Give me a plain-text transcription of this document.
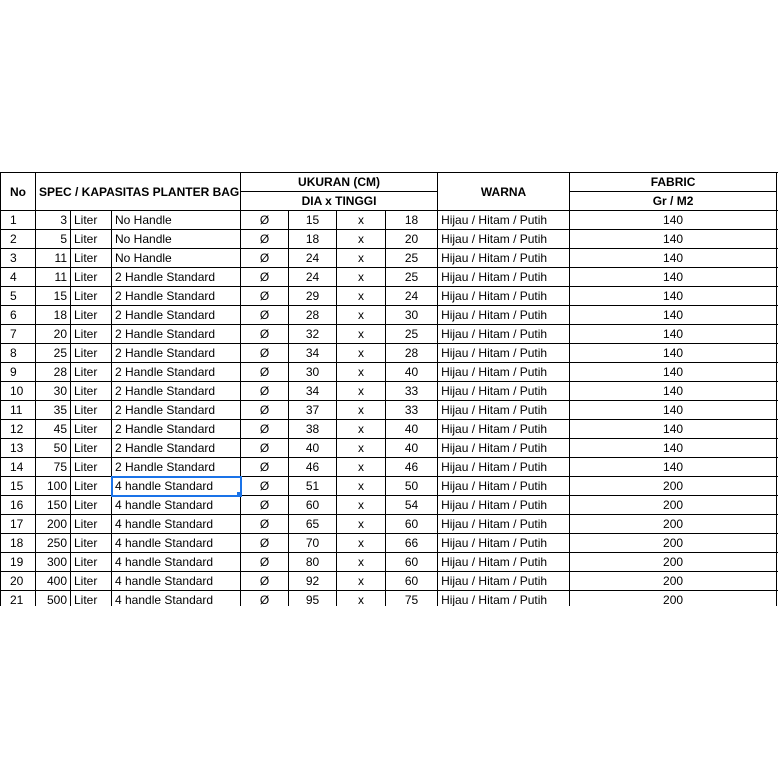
No	SPEC / KAPASITAS PLANTER BAG			UKURAN (CM)				WARNA	FABRIC	
				DIA x TINGGI					Gr / M2	
1	3	Liter	No Handle	Ø	15	x	18	Hijau / Hitam / Putih	140	
2	5	Liter	No Handle	Ø	18	x	20	Hijau / Hitam / Putih	140	
3	11	Liter	No Handle	Ø	24	x	25	Hijau / Hitam / Putih	140	
4	11	Liter	2 Handle Standard	Ø	24	x	25	Hijau / Hitam / Putih	140	
5	15	Liter	2 Handle Standard	Ø	29	x	24	Hijau / Hitam / Putih	140	
6	18	Liter	2 Handle Standard	Ø	28	x	30	Hijau / Hitam / Putih	140	
7	20	Liter	2 Handle Standard	Ø	32	x	25	Hijau / Hitam / Putih	140	
8	25	Liter	2 Handle Standard	Ø	34	x	28	Hijau / Hitam / Putih	140	
9	28	Liter	2 Handle Standard	Ø	30	x	40	Hijau / Hitam / Putih	140	
10	30	Liter	2 Handle Standard	Ø	34	x	33	Hijau / Hitam / Putih	140	
11	35	Liter	2 Handle Standard	Ø	37	x	33	Hijau / Hitam / Putih	140	
12	45	Liter	2 Handle Standard	Ø	38	x	40	Hijau / Hitam / Putih	140	
13	50	Liter	2 Handle Standard	Ø	40	x	40	Hijau / Hitam / Putih	140	
14	75	Liter	2 Handle Standard	Ø	46	x	46	Hijau / Hitam / Putih	140	
15	100	Liter	4 handle Standard	Ø	51	x	50	Hijau / Hitam / Putih	200	
16	150	Liter	4 handle Standard	Ø	60	x	54	Hijau / Hitam / Putih	200	
17	200	Liter	4 handle Standard	Ø	65	x	60	Hijau / Hitam / Putih	200	
18	250	Liter	4 handle Standard	Ø	70	x	66	Hijau / Hitam / Putih	200	
19	300	Liter	4 handle Standard	Ø	80	x	60	Hijau / Hitam / Putih	200	
20	400	Liter	4 handle Standard	Ø	92	x	60	Hijau / Hitam / Putih	200	
21	500	Liter	4 handle Standard	Ø	95	x	75	Hijau / Hitam / Putih	200	
